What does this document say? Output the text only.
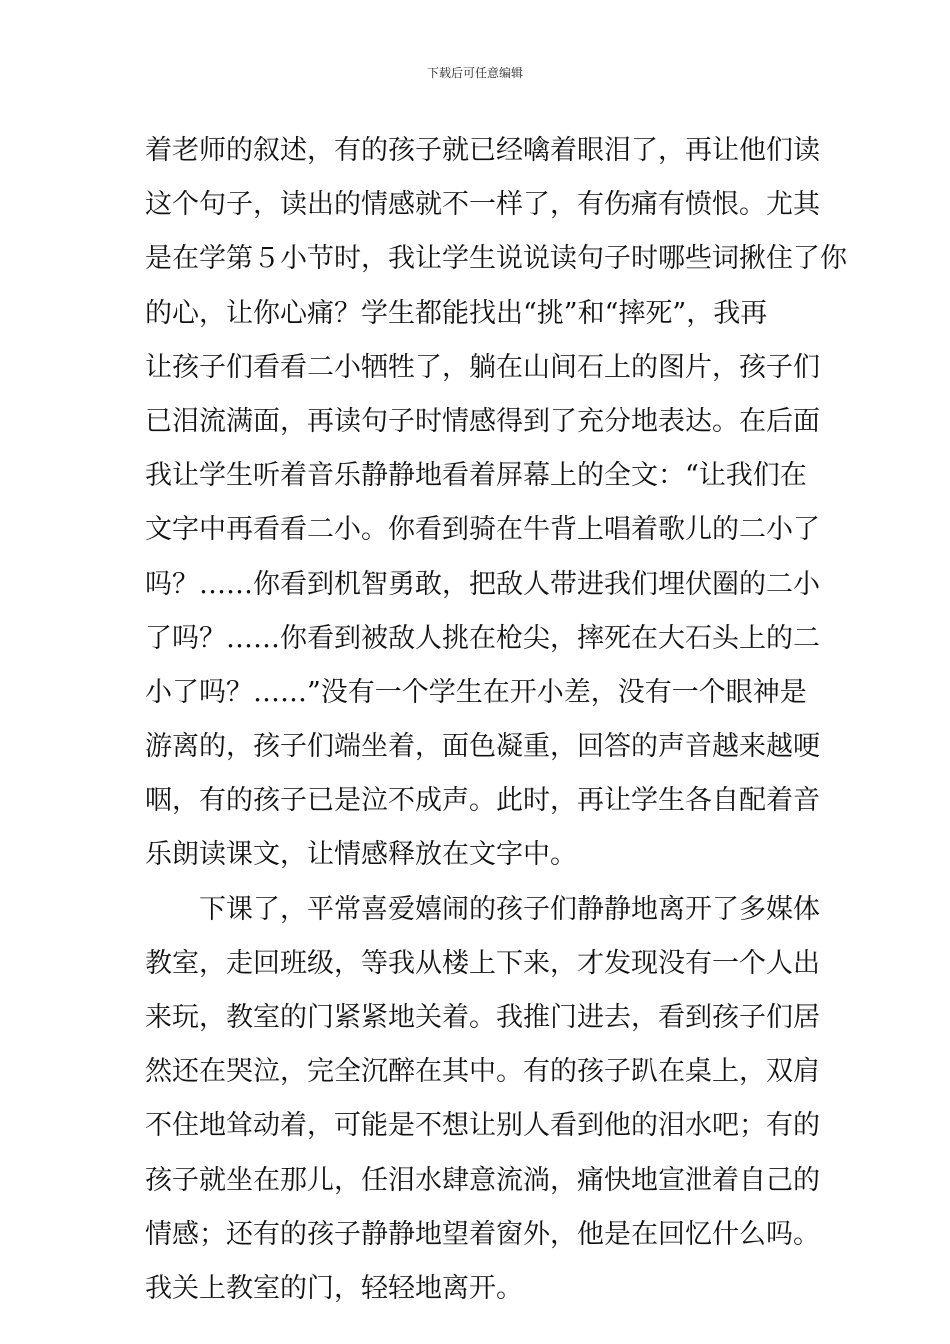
下载后可任意编辑
着老师的叙述，有的孩子就已经噙着眼泪了，再让他们读
这个句子，读出的情感就不一样了，有伤痛有愤恨。尤其
是在学第５小节时，我让学生说说读句子时哪些词揪住了你
的心，让你心痛？学生都能找出“挑”和“摔死”，我再
让孩子们看看二小牺牲了，躺在山间石上的图片，孩子们
已泪流满面，再读句子时情感得到了充分地表达。在后面
我让学生听着音乐静静地看着屏幕上的全文：“让我们在
文字中再看看二小。你看到骑在牛背上唱着歌儿的二小了
吗？……你看到机智勇敢，把敌人带进我们埋伏圈的二小
了吗？……你看到被敌人挑在枪尖，摔死在大石头上的二
小了吗？……”没有一个学生在开小差，没有一个眼神是
游离的，孩子们端坐着，面色凝重，回答的声音越来越哽
咽，有的孩子已是泣不成声。此时，再让学生各自配着音
乐朗读课文，让情感释放在文字中。
　　下课了，平常喜爱嬉闹的孩子们静静地离开了多媒体
教室，走回班级，等我从楼上下来，才发现没有一个人出
来玩，教室的门紧紧地关着。我推门进去，看到孩子们居
然还在哭泣，完全沉醉在其中。有的孩子趴在桌上，双肩
不住地耸动着，可能是不想让别人看到他的泪水吧；有的
孩子就坐在那儿，任泪水肆意流淌，痛快地宣泄着自己的
情感；还有的孩子静静地望着窗外，他是在回忆什么吗。
我关上教室的门，轻轻地离开。
